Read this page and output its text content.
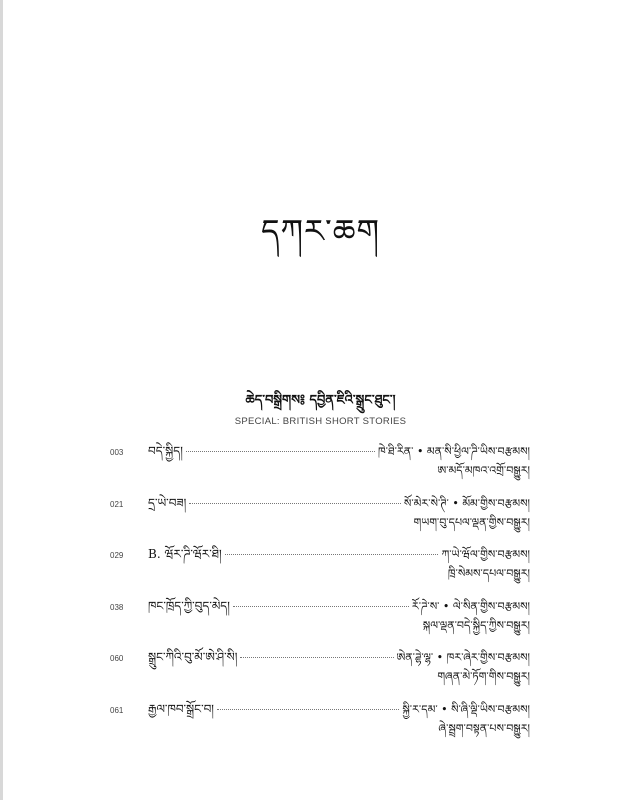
དཀར་ཆག
ཆེད་བསྒྲིགས༔ དབྱིན་ཇིའི་སྒྲུང་ཐུང་།
SPECIAL: BRITISH SHORT STORIES
003	བདེ་སྐྱིད།	ཁེ་ཐི་རིན་ • མན་སི་ཕྱིལ་ཌི་ཡིས་བརྩམས།
ཨ་མདོ་མཁའ་འགྲོ་བསྒྱུར།
021	དྲ་ཡེ་བཟ།	སོ་མེར་སེ་ཊི་ • མོམ་གྱིས་བརྩམས།
གཡག་བུ་དཔལ་ལྡན་གྱིས་བསྒྱུར།
029	B. ཝོར་ཌི་ཝོར་ཐི།	ཀ་ཡེ་ཝོལ་གྱིས་བརྩམས།
ཁྲི་སེམས་དཔལ་བསྒྱུར།
038	ཁང་ཁྲོད་ཀྱི་བུད་མེད།	རོ་ཌེ་ས་ • ལེ་སིན་གྱིས་བརྩམས།
སྐལ་ལྡན་བདེ་སྐྱིད་ཀྱིས་བསྒྱུར།
060	སྒྲུང་ཀིའི་བུ་མོ་ཨེ་ཤི་སི།	ཨེན་ཌྷེ་ལྷ་ • ཁར་ཞེར་གྱིས་བརྩམས།
གཞན་མེ་ཏོག་གིས་བསྒྱུར།
061	རྒྱལ་ཁབ་སྒྲོང་བ།	སྐྱི་ར་དམ་ • སི་ཞི་ལྡི་ཡིས་བརྩམས།
ཞེ་སྦྲག་བསྟན་པས་བསྒྱུར།
